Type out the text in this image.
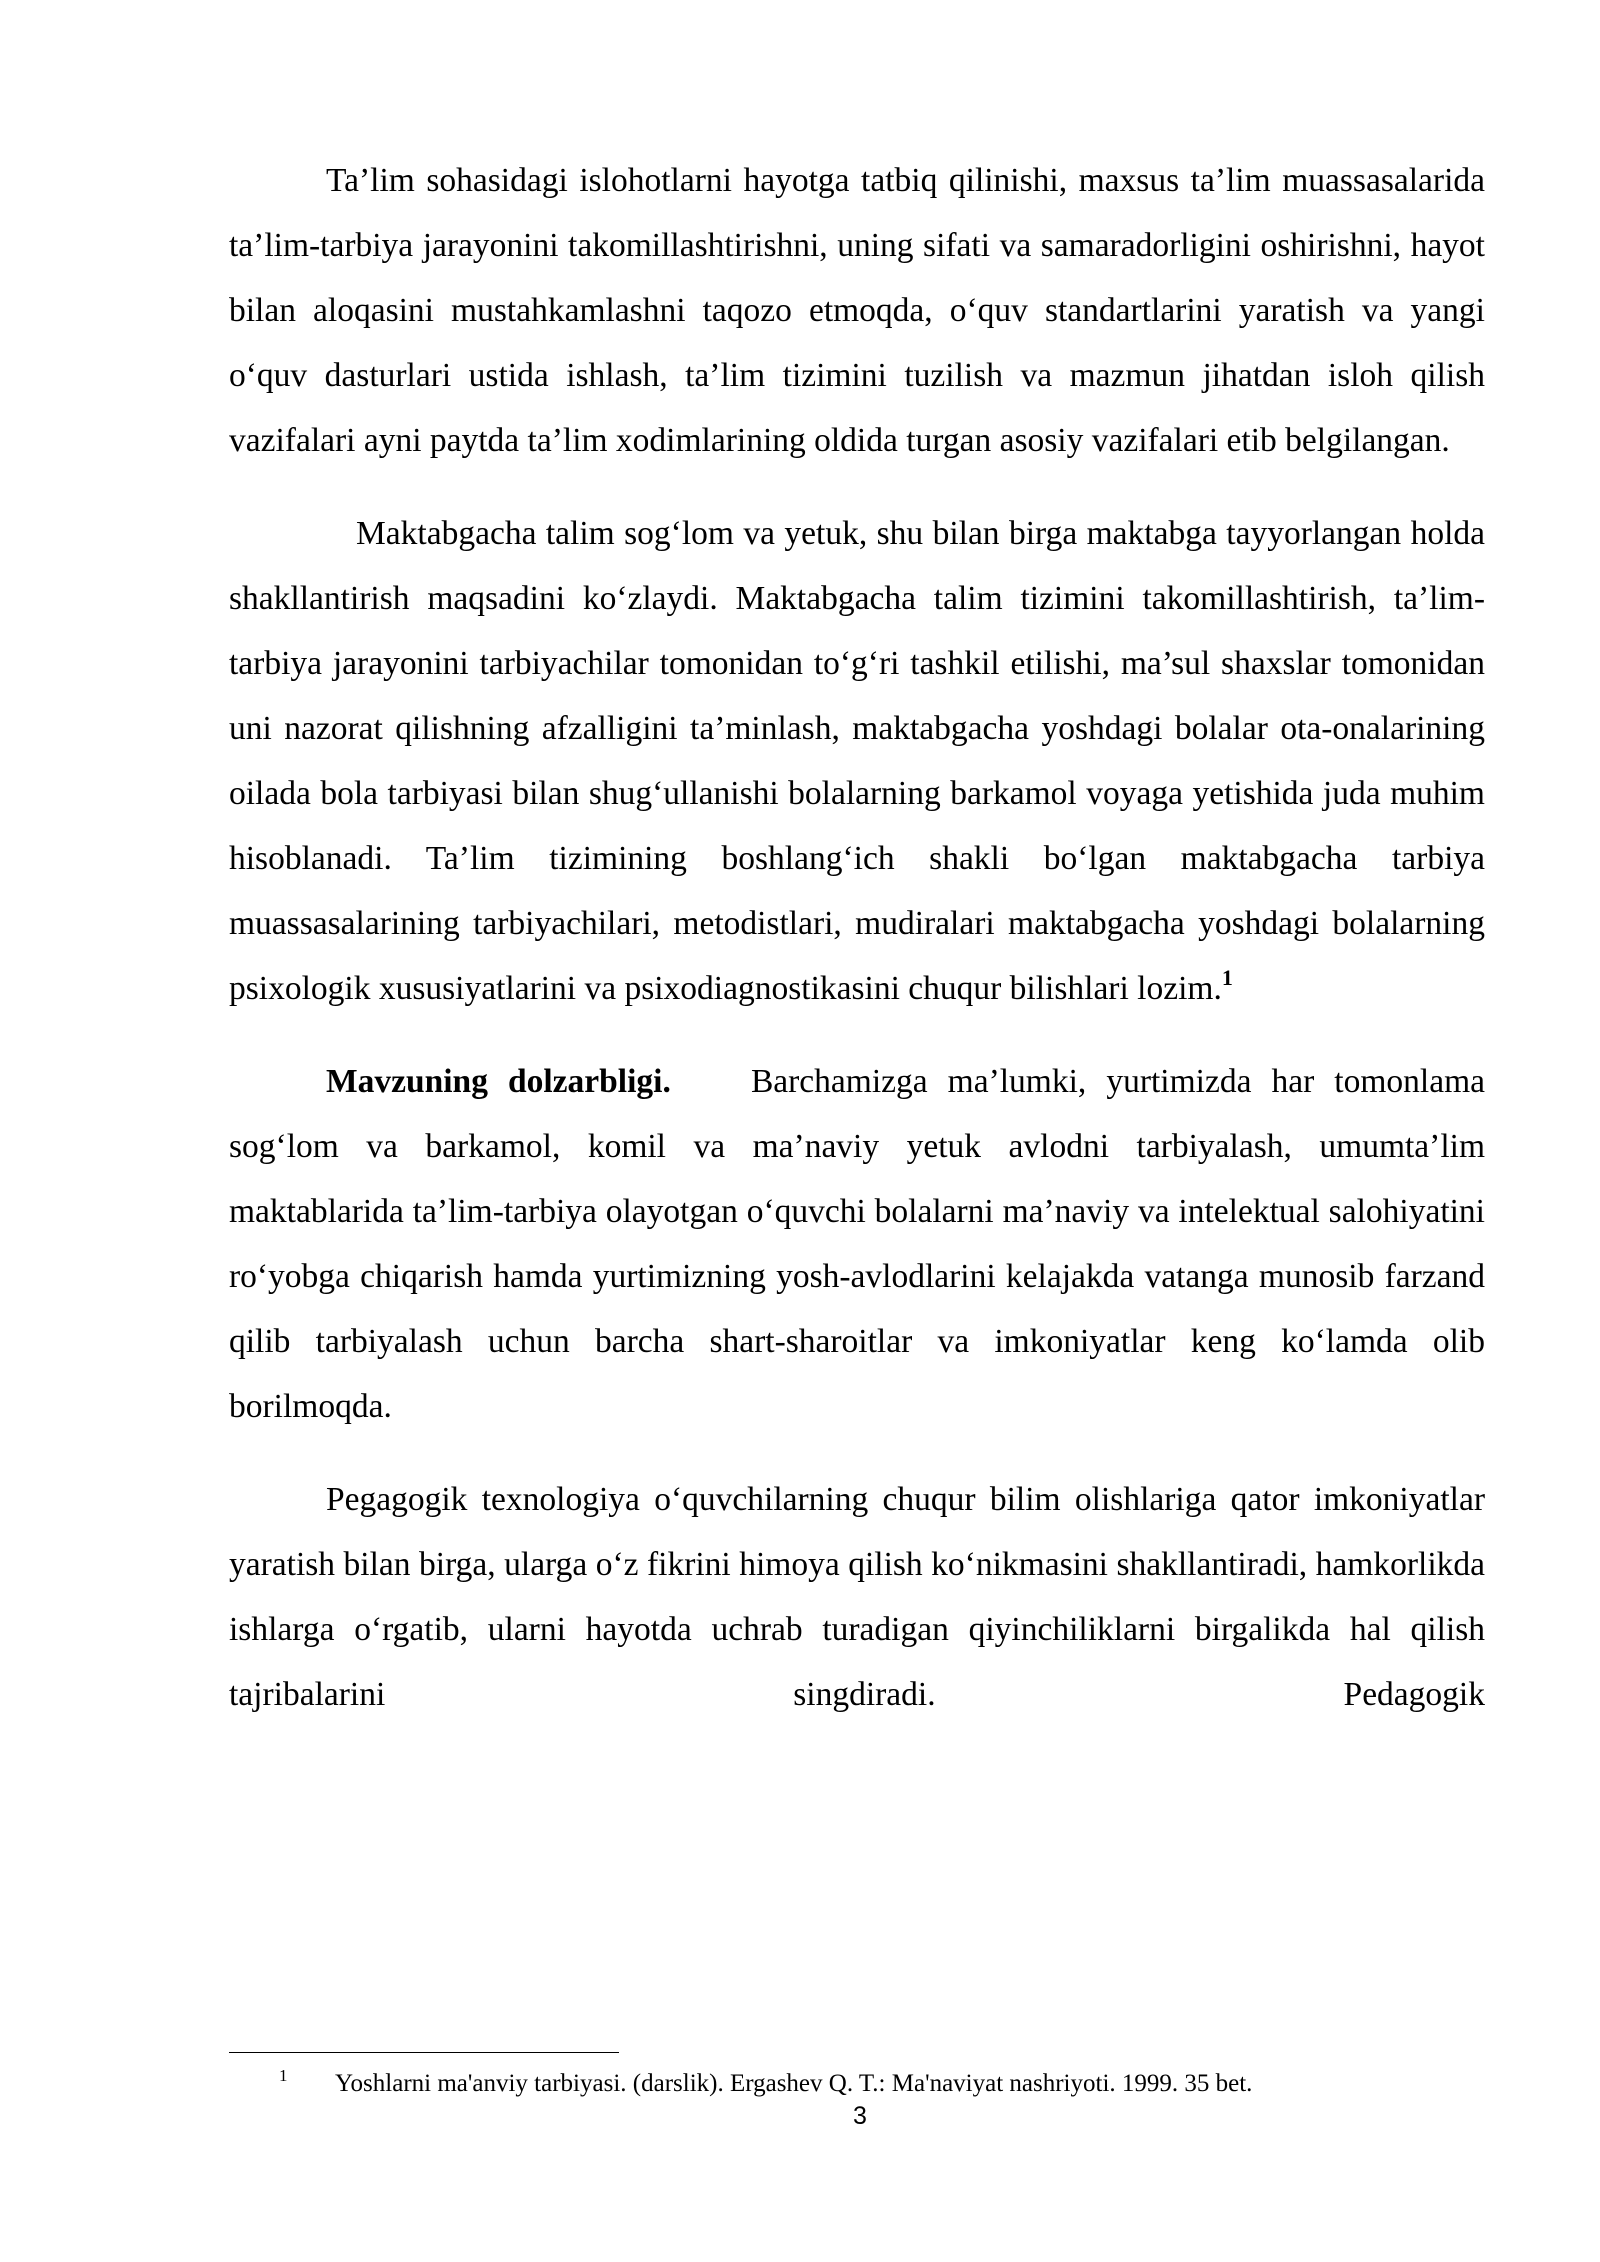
Ta’lim sohasidagi islohotlarni hayotga tatbiq qilinishi, maxsus ta’lim muassasalarida ta’lim-tarbiya jarayonini takomillashtirishni, uning sifati va samaradorligini oshirishni, hayot bilan aloqasini mustahkamlashni taqozo etmoqda, o‘quv standartlarini yaratish va yangi o‘quv dasturlari ustida ishlash, ta’lim tizimini tuzilish va mazmun jihatdan isloh qilish vazifalari ayni paytda ta’lim xodimlarining oldida turgan asosiy vazifalari etib belgilangan.

Maktabgacha talim sog‘lom va yetuk, shu bilan birga maktabga tayyorlangan holda shakllantirish maqsadini ko‘zlaydi. Maktabgacha talim tizimini takomillashtirish, ta’lim-tarbiya jarayonini tarbiyachilar tomonidan to‘g‘ri tashkil etilishi, ma’sul shaxslar tomonidan uni nazorat qilishning afzalligini ta’minlash, maktabgacha yoshdagi bolalar ota-onalarining oilada bola tarbiyasi bilan shug‘ullanishi bolalarning barkamol voyaga yetishida juda muhim hisoblanadi. Ta’lim tizimining boshlang‘ich shakli bo‘lgan maktabgacha tarbiya muassasalarining tarbiyachilari, metodistlari, mudiralari maktabgacha yoshdagi bolalarning psixologik xususiyatlarini va psixodiagnostikasini chuqur bilishlari lozim.$^1$

Mavzuning dolzarbligi. Barchamizga ma’lumki, yurtimizda har tomonlama sog‘lom va barkamol, komil va ma’naviy yetuk avlodni tarbiyalash, umumta’lim maktablarida ta’lim-tarbiya olayotgan o‘quvchi bolalarni ma’naviy va intelektual salohiyatini ro‘yobga chiqarish hamda yurtimizning yosh-avlodlarini kelajakda vatanga munosib farzand qilib tarbiyalash uchun barcha shart-sharoitlar va imkoniyatlar keng ko‘lamda olib borilmoqda.

Pegagogik texnologiya o‘quvchilarning chuqur bilim olishlariga qator imkoniyatlar yaratish bilan birga, ularga o‘z fikrini himoya qilish ko‘nikmasini shakllantiradi, hamkorlikda ishlarga o‘rgatib, ularni hayotda uchrab turadigan qiyinchiliklarni birgalikda hal qilish tajribalarini singdiradi. Pedagogik

1 Yoshlarni ma'anviy tarbiyasi. (darslik). Ergashev Q. T.: Ma'naviyat nashriyoti. 1999. 35 bet.
3
